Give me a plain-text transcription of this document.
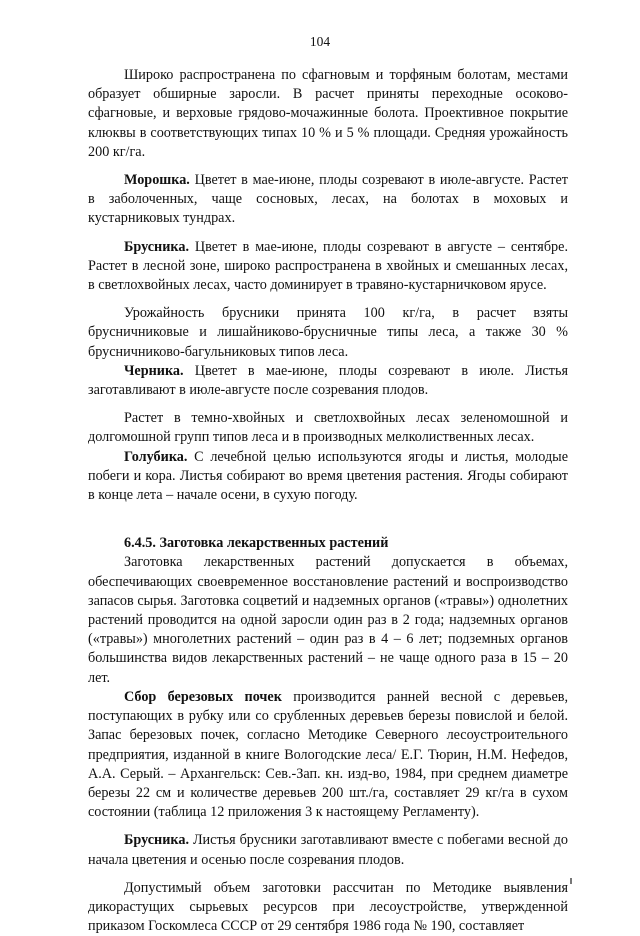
104

Широко распространена по сфагновым и торфяным болотам, местами образует обширные заросли. В расчет приняты переходные осоково-сфагновые, и верховые грядово-мочажинные болота. Проективное покрытие клюквы в соответствующих типах 10 % и 5 % площади. Средняя урожайность 200 кг/га.

Морошка. Цветет в мае-июне, плоды созревают в июле-августе. Растет в заболоченных, чаще сосновых, лесах, на болотах в моховых и кустарниковых тундрах.

Брусника. Цветет в мае-июне, плоды созревают в августе – сентябре. Растет в лесной зоне, широко распространена в хвойных и смешанных лесах, в светлохвойных лесах, часто доминирует в травяно-кустарничковом ярусе.

Урожайность брусники принята 100 кг/га, в расчет взяты брусничниковые и лишайниково-брусничные типы леса, а также 30 % брусничниково-багульниковых типов леса.

Черника. Цветет в мае-июне, плоды созревают в июле. Листья заготавливают в июле-августе после созревания плодов.

Растет в темно-хвойных и светлохвойных лесах зеленомошной и долгомошной групп типов леса и в производных мелколиственных лесах.

Голубика. С лечебной целью используются ягоды и листья, молодые побеги и кора. Листья собирают во время цветения растения. Ягоды собирают в конце лета – начале осени, в сухую погоду.

6.4.5. Заготовка лекарственных растений

Заготовка лекарственных растений допускается в объемах, обеспечивающих своевременное восстановление растений и воспроизводство запасов сырья. Заготовка соцветий и надземных органов («травы») однолетних растений проводится на одной заросли один раз в 2 года; надземных органов («травы») многолетних растений – один раз в 4 – 6 лет; подземных органов большинства видов лекарственных растений – не чаще одного раза в 15 – 20 лет.

Сбор березовых почек производится ранней весной с деревьев, поступающих в рубку или со срубленных деревьев березы повислой и белой. Запас березовых почек, согласно Методике Северного лесоустроительного предприятия, изданной в книге Вологодские леса/ Е.Г. Тюрин, Н.М. Нефедов, А.А. Серый. – Архангельск: Сев.-Зап. кн. изд-во, 1984, при среднем диаметре березы 22 см и количестве деревьев 200 шт./га, составляет 29 кг/га в сухом состоянии (таблица 12 приложения 3 к настоящему Регламенту).

Брусника. Листья брусники заготавливают вместе с побегами весной до начала цветения и осенью после созревания плодов.

Допустимый объем заготовки рассчитан по Методике выявления дикорастущих сырьевых ресурсов при лесоустройстве, утвержденной приказом Госкомлеса СССР от 29 сентября 1986 года № 190, составляет
